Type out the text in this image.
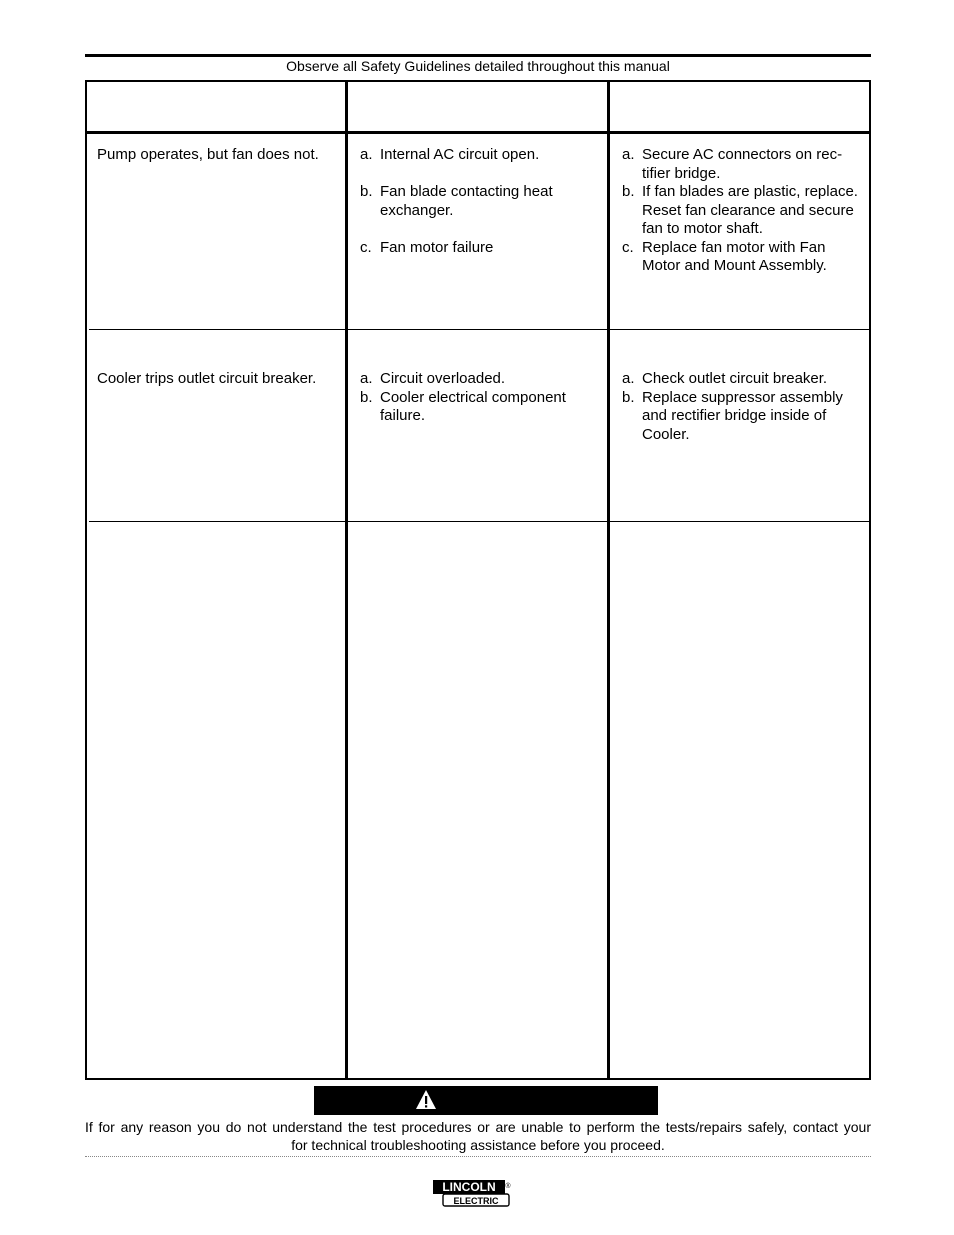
Observe all Safety Guidelines detailed throughout this manual
Pump operates, but fan does not.	a. Internal AC circuit open.
b. Fan blade contacting heat exchanger.
c. Fan motor failure
a. Secure AC connectors on rec-tifier bridge.
b. If fan blades are plastic, replace. Reset fan clearance and secure fan to motor shaft.
c. Replace fan motor with Fan Motor and Mount Assembly.
Cooler trips outlet circuit breaker.	a. Circuit overloaded.
b. Cooler electrical component failure.
a. Check outlet circuit breaker.
b. Replace suppressor assembly and rectifier bridge inside of Cooler.
If for any reason you do not understand the test procedures or are unable to perform the tests/repairs safely, contact your
for technical troubleshooting assistance before you proceed.
LINCOLN
ELECTRIC
®
